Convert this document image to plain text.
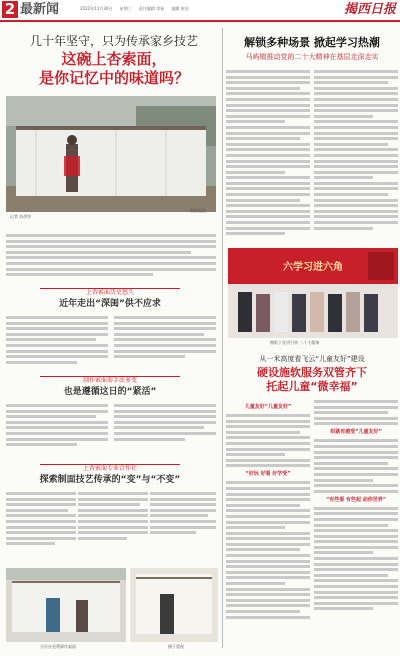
2 最新闻	2022年11月30日 星期三 责任编辑 荣茹 编辑 崔治	揭西日报
几十年坚守，只为传承家乡技艺
这碗上杏索面，
是你记忆中的味道吗？
摄影报道
记者 苏伊莎
上杏索面历史悠久
近年走出“深闺”供不应求
制作索面需手法多变
也是遵循这日的“紧活”
上杏索面专业合作社
探索制面技艺传承的“变”与“不变”
合作社免费筛作索面	摄于重视
解锁多种场景 掀起学习热潮
马屿镇推动党的二十大精神在基层走深走实
六学习进六角
摄影于宣讲引领 二十大精神
从一米高度看飞云“儿童友好”建设
硬设施软服务双管齐下
托起儿童“微幸福”
儿童友好“儿童友好”
“好玩 好看 好学受”
织就有感受“儿童友好”
“有些看 有些起 动你世界”
